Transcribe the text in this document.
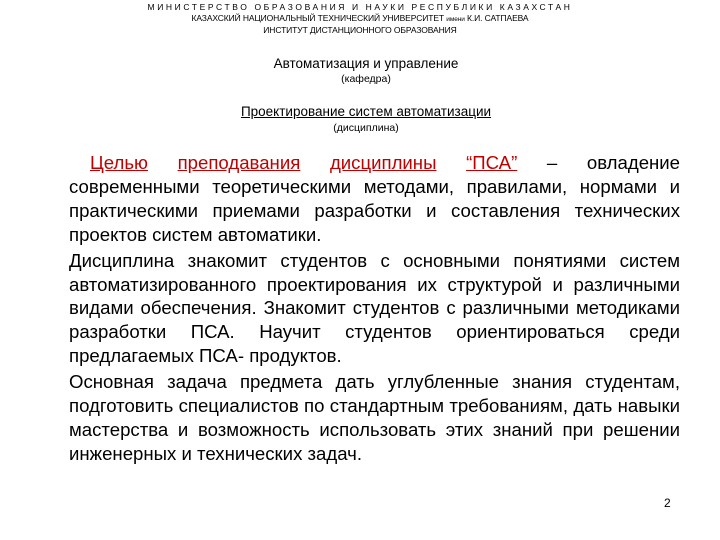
МИНИСТЕРСТВО ОБРАЗОВАНИЯ И НАУКИ РЕСПУБЛИКИ КАЗАХСТАН
КАЗАХСКИЙ НАЦИОНАЛЬНЫЙ ТЕХНИЧЕСКИЙ УНИВЕРСИТЕТ имени К.И. САТПАЕВА
ИНСТИТУТ ДИСТАНЦИОННОГО ОБРАЗОВАНИЯ
Автоматизация и управление
(кафедра)
Проектирование систем автоматизации
(дисциплина)

Целью преподавания дисциплины “ПСА” – овладение современными теоретическими методами, правилами, нормами и практическими приемами разработки и составления технических проектов систем автоматики.

Дисциплина знакомит студентов с основными понятиями систем автоматизированного проектирования их структурой и различными видами обеспечения. Знакомит студентов с различными методиками разработки ПСА. Научит студентов ориентироваться среди предлагаемых ПСА- продуктов.

Основная задача предмета дать углубленные знания студентам, подготовить специалистов по стандартным требованиям, дать навыки мастерства и возможность использовать этих знаний при решении инженерных и технических задач.

2
